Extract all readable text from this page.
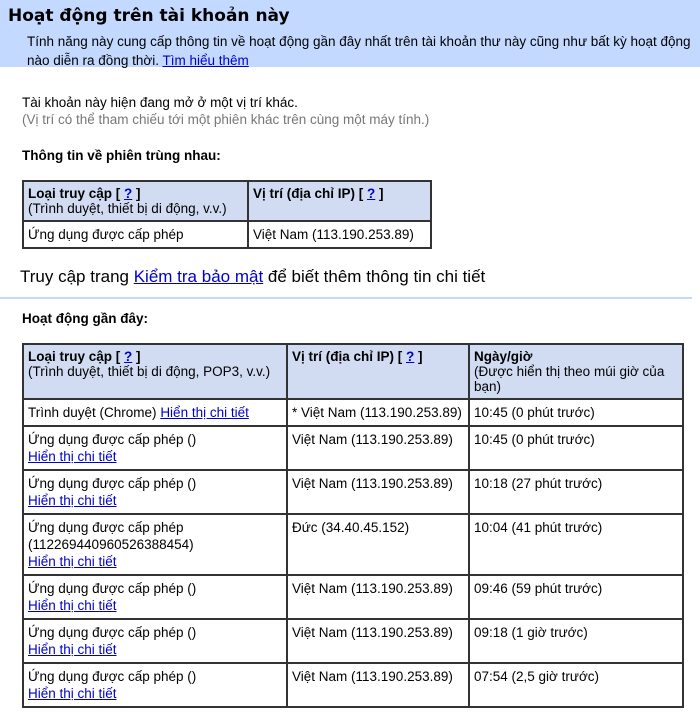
Hoạt động trên tài khoản này
Tính năng này cung cấp thông tin về hoạt động gần đây nhất trên tài khoản thư này cũng như bất kỳ hoạt động nào diễn ra đồng thời. Tìm hiểu thêm
Tài khoản này hiện đang mở ở một vị trí khác.
(Vị trí có thể tham chiếu tới một phiên khác trên cùng một máy tính.)
Thông tin về phiên trùng nhau:
Loại truy cập [ ? ]
(Trình duyệt, thiết bị di động, v.v.)	Vị trí (địa chỉ IP) [ ? ]
Ứng dụng được cấp phép	Việt Nam (113.190.253.89)
Truy cập trang Kiểm tra bảo mật để biết thêm thông tin chi tiết
Hoạt động gần đây:
Loại truy cập [ ? ]
(Trình duyệt, thiết bị di động, POP3, v.v.)	Vị trí (địa chỉ IP) [ ? ]	Ngày/giờ
(Được hiển thị theo múi giờ của bạn)

Trình duyệt (Chrome) Hiển thị chi tiết	* Việt Nam (113.190.253.89)	10:45 (0 phút trước)
Ứng dụng được cấp phép ()
Hiển thị chi tiết	Việt Nam (113.190.253.89)	10:45 (0 phút trước)
Ứng dụng được cấp phép ()
Hiển thị chi tiết	Việt Nam (113.190.253.89)	10:18 (27 phút trước)
Ứng dụng được cấp phép (112269440960526388454)
Hiển thị chi tiết	Đức (34.40.45.152)	10:04 (41 phút trước)
Ứng dụng được cấp phép ()
Hiển thị chi tiết	Việt Nam (113.190.253.89)	09:46 (59 phút trước)
Ứng dụng được cấp phép ()
Hiển thị chi tiết	Việt Nam (113.190.253.89)	09:18 (1 giờ trước)
Ứng dụng được cấp phép ()
Hiển thị chi tiết	Việt Nam (113.190.253.89)	07:54 (2,5 giờ trước)
